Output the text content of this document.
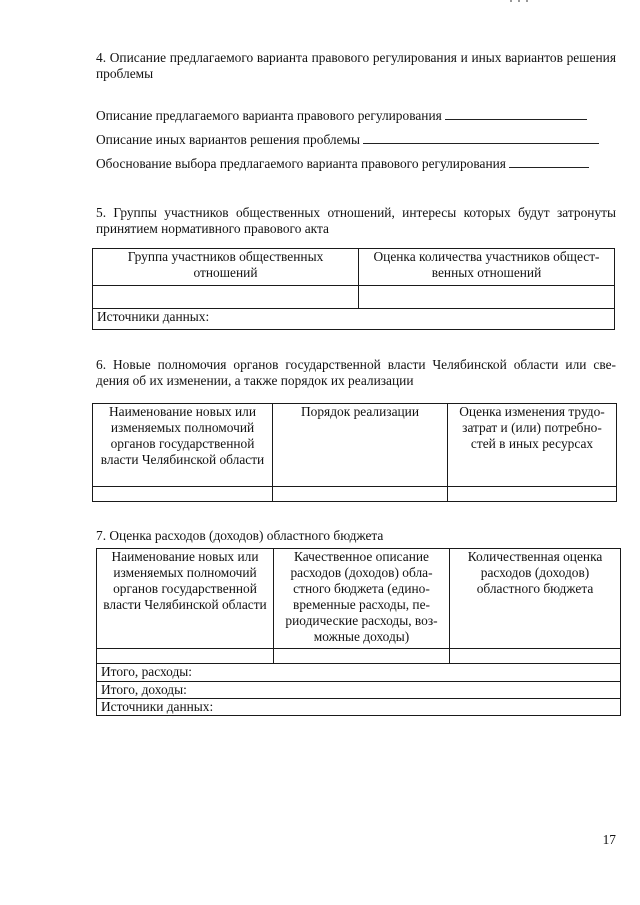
4. Описание предлагаемого варианта правового регулирования и иных вариантов решения проблемы
Описание предлагаемого варианта правового регулирования
Описание иных вариантов решения проблемы
Обоснование выбора предлагаемого варианта правового регулирования
5. Группы участников общественных отношений, интересы которых будут затронуты принятием нормативного правового акта
Группа участников общественных отношений	Оценка количества участников общест-венных отношений

Источники данных:	
6. Новые полномочия органов государственной власти Челябинской области или све-дения об их изменении, а также порядок их реализации
Наименование новых или изменяемых полномочий органов государственной власти Челябинской области	Порядок реализации	Оценка изменения трудо-затрат и (или) потребно-стей в иных ресурсах

7. Оценка расходов (доходов) областного бюджета
Наименование новых или изменяемых полномочий органов государственной власти Челябинской области	Качественное описание расходов (доходов) обла-стного бюджета (едино-временные расходы, пе-риодические расходы, воз-можные доходы)	Количественная оценка расходов (доходов) областного бюджета

Итого, расходы:		
Итого, доходы:		
Источники данных:		
17
